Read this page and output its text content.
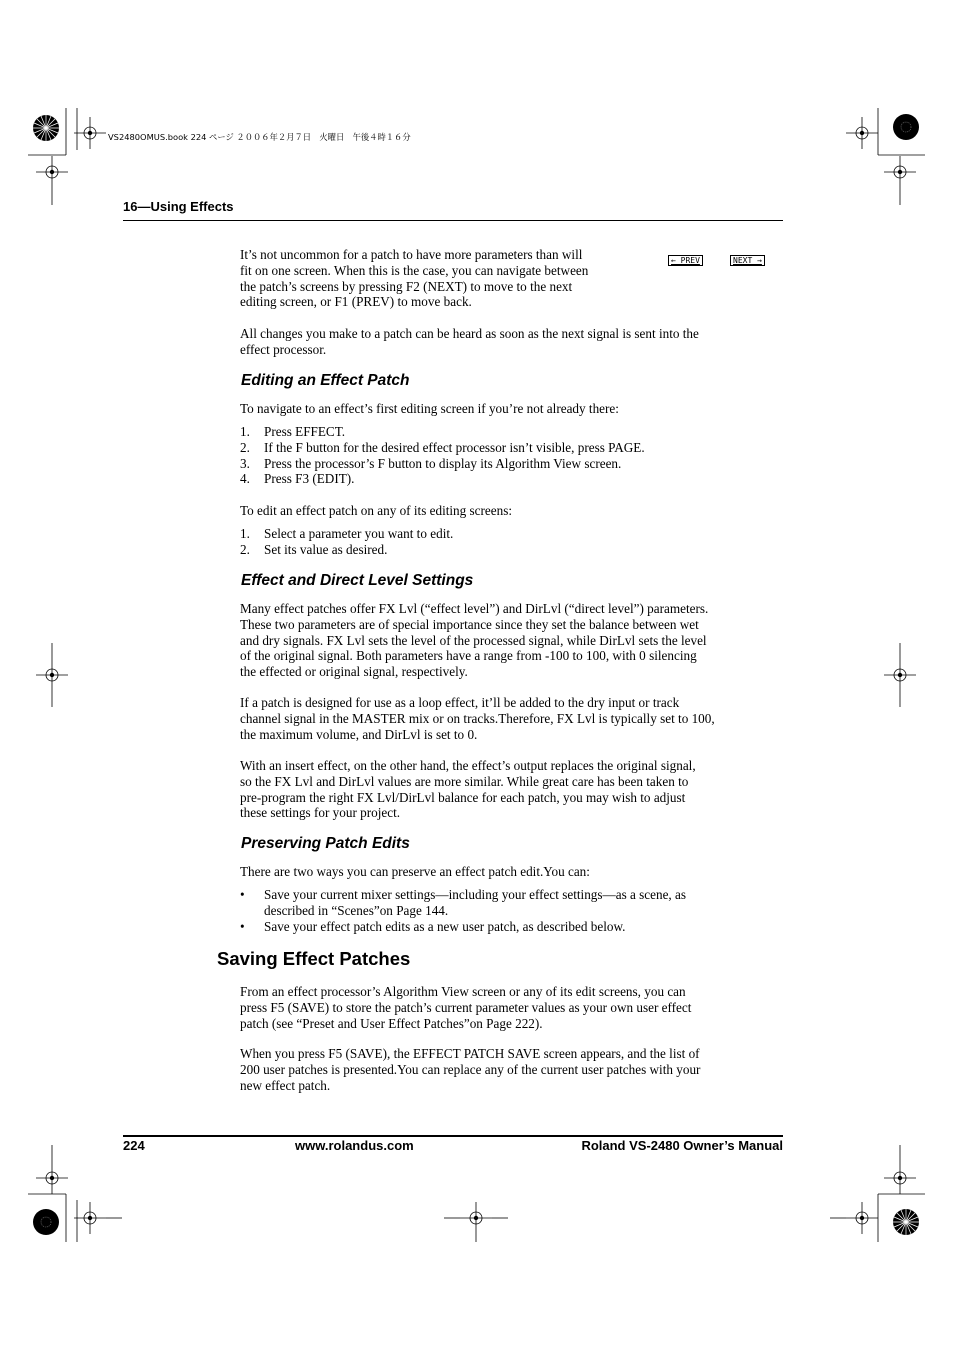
VS2480OMUS.book 224 ページ ２００６年２月７日　火曜日　午後４時１６分
16—Using Effects
← PREV	NEXT →
It’s not uncommon for a patch to have more parameters than will
fit on one screen. When this is the case, you can navigate between
the patch’s screens by pressing F2 (NEXT) to move to the next
editing screen, or F1 (PREV) to move back.
All changes you make to a patch can be heard as soon as the next signal is sent into the
effect processor.
Editing an Effect Patch
To navigate to an effect’s first editing screen if you’re not already there:
1. Press EFFECT.
2. If the F button for the desired effect processor isn’t visible, press PAGE.
3. Press the processor’s F button to display its Algorithm View screen.
4. Press F3 (EDIT).
To edit an effect patch on any of its editing screens:
1. Select a parameter you want to edit.
2. Set its value as desired.
Effect and Direct Level Settings
Many effect patches offer FX Lvl (“effect level”) and DirLvl (“direct level”) parameters.
These two parameters are of special importance since they set the balance between wet
and dry signals. FX Lvl sets the level of the processed signal, while DirLvl sets the level
of the original signal. Both parameters have a range from -100 to 100, with 0 silencing
the effected or original signal, respectively.
If a patch is designed for use as a loop effect, it’ll be added to the dry input or track
channel signal in the MASTER mix or on tracks.Therefore, FX Lvl is typically set to 100,
the maximum volume, and DirLvl is set to 0.
With an insert effect, on the other hand, the effect’s output replaces the original signal,
so the FX Lvl and DirLvl values are more similar. While great care has been taken to
pre-program the right FX Lvl/DirLvl balance for each patch, you may wish to adjust
these settings for your project.
Preserving Patch Edits
There are two ways you can preserve an effect patch edit.You can:
• Save your current mixer settings—including your effect settings—as a scene, as
described in “Scenes”on Page 144.
• Save your effect patch edits as a new user patch, as described below.
Saving Effect Patches
From an effect processor’s Algorithm View screen or any of its edit screens, you can
press F5 (SAVE) to store the patch’s current parameter values as your own user effect
patch (see “Preset and User Effect Patches”on Page 222).
When you press F5 (SAVE), the EFFECT PATCH SAVE screen appears, and the list of
200 user patches is presented.You can replace any of the current user patches with your
new effect patch.
224	www.rolandus.com	Roland VS-2480 Owner’s Manual
